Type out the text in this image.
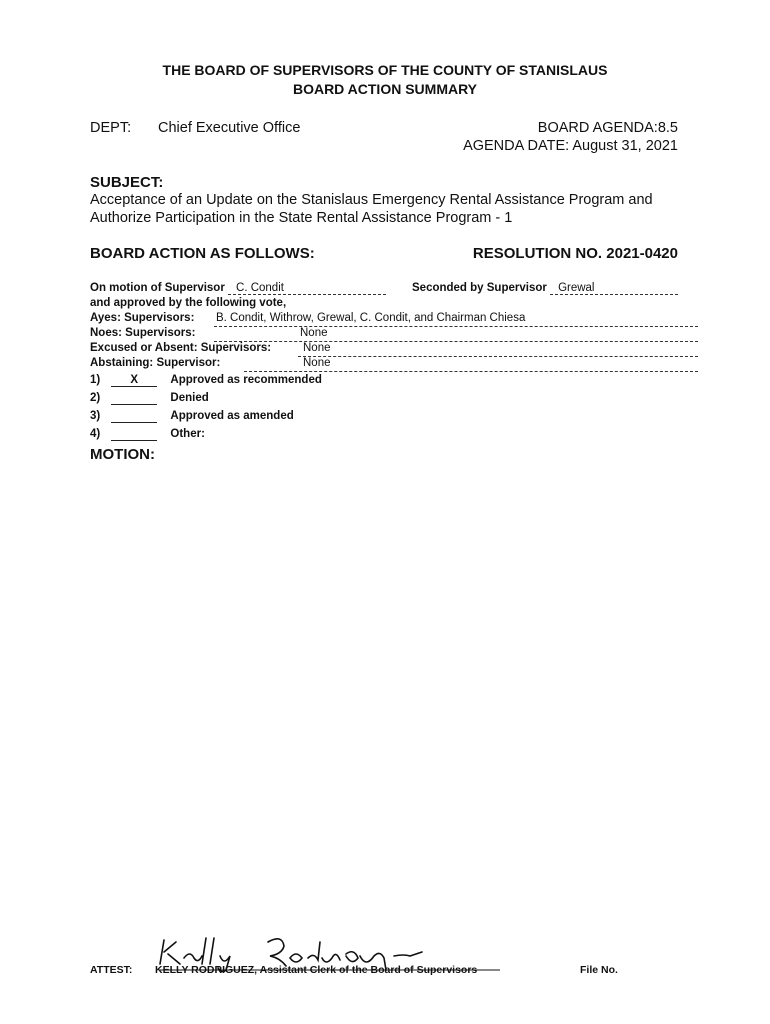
THE BOARD OF SUPERVISORS OF THE COUNTY OF STANISLAUS
BOARD ACTION SUMMARY
DEPT: Chief Executive Office	BOARD AGENDA:8.5
AGENDA DATE: August 31, 2021
SUBJECT:
Acceptance of an Update on the Stanislaus Emergency Rental Assistance Program and
Authorize Participation in the State Rental Assistance Program - 1
BOARD ACTION AS FOLLOWS:	RESOLUTION NO. 2021-0420
On motion of Supervisor C. Condit	Seconded by Supervisor Grewal
and approved by the following vote,
Ayes: Supervisors: B. Condit, Withrow, Grewal, C. Condit, and Chairman Chiesa
Noes: Supervisors:	None
Excused or Absent: Supervisors:	None
Abstaining: Supervisor:	None
1)	X	Approved as recommended
2)	Denied
3)	Approved as amended
4)	Other:
MOTION:
ATTEST: KELLY RODRIGUEZ, Assistant Clerk of the Board of Supervisors	File No.
